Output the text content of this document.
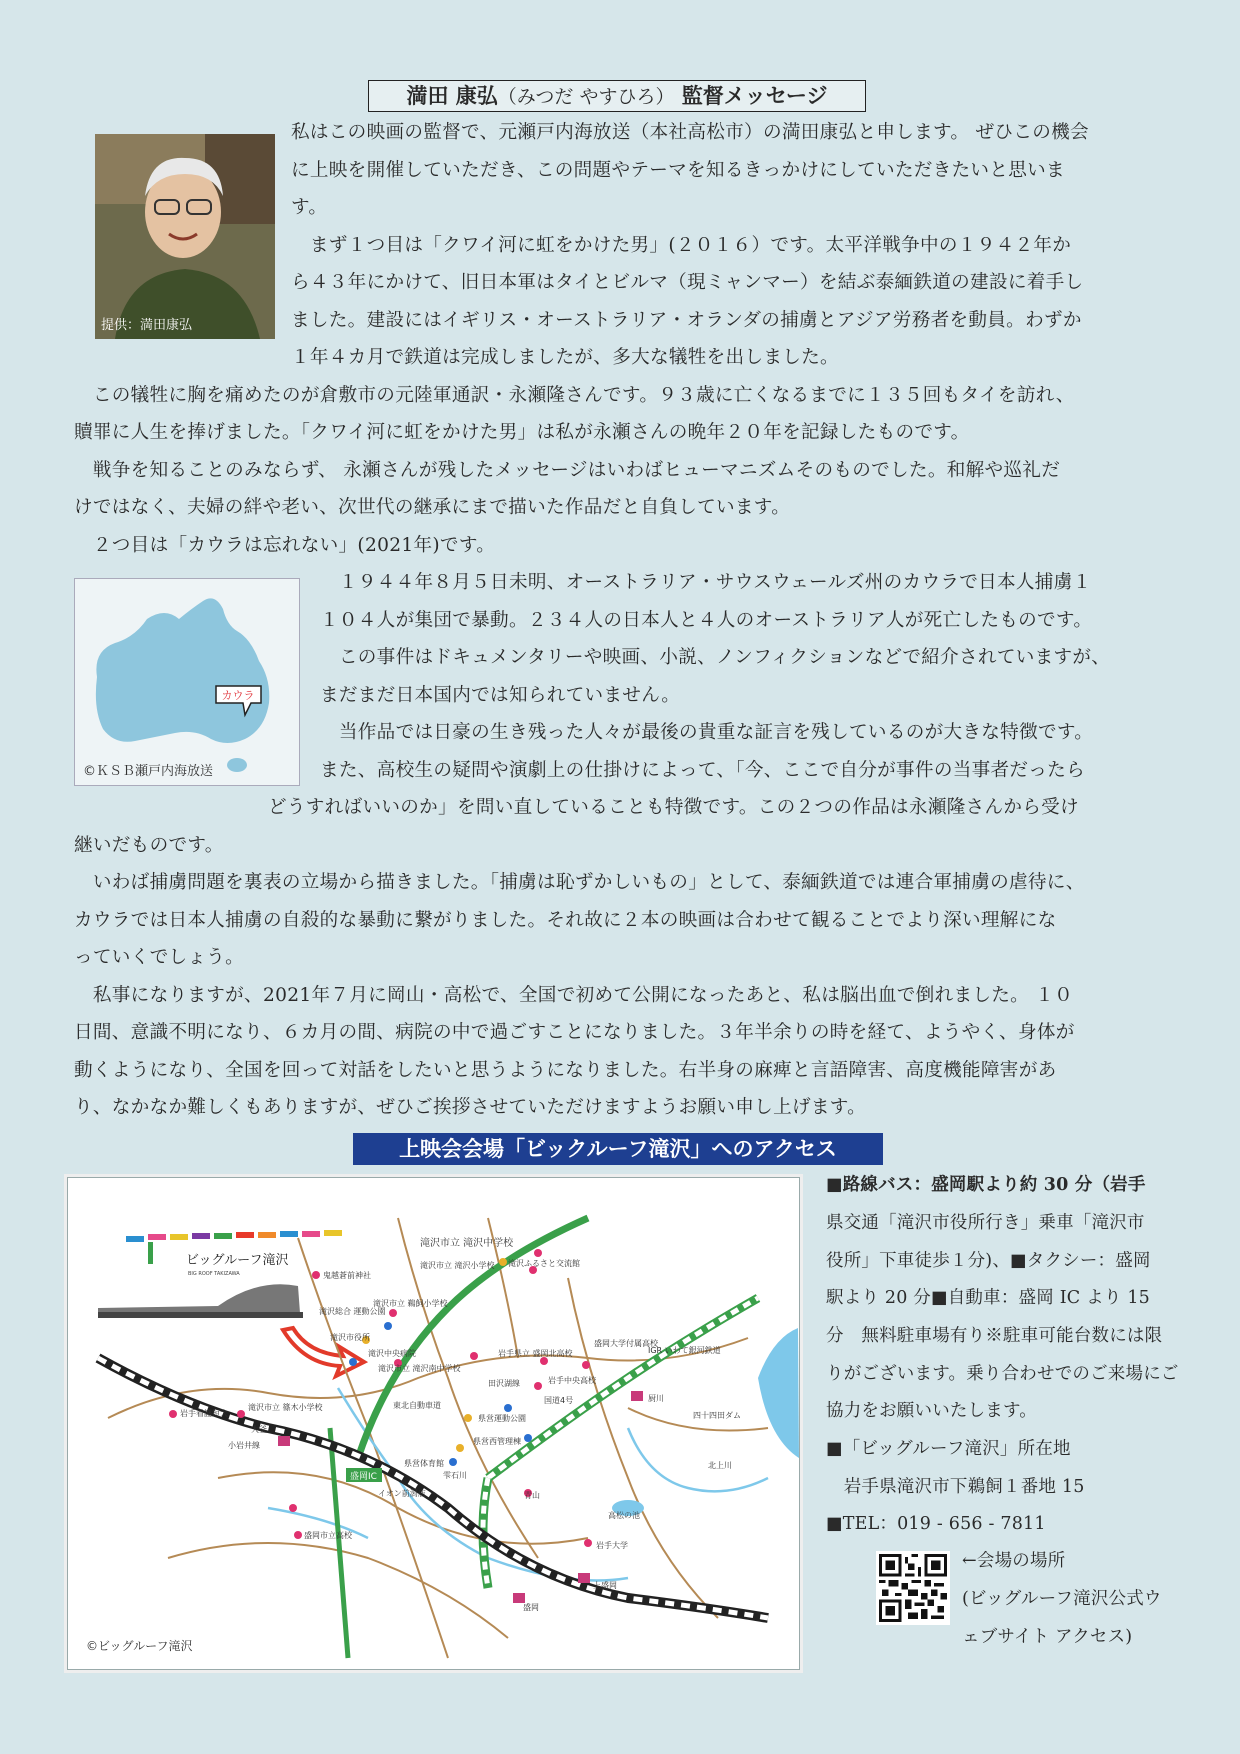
満田 康弘（みつだ やすひろ） 監督メッセージ
提供：満田康弘
私はこの映画の監督で、元瀬戸内海放送（本社高松市）の満田康弘と申します。 ぜひこの機会
に上映を開催していただき、この問題やテーマを知るきっかけにしていただきたいと思いま
す。
　まず１つ目は「クワイ河に虹をかけた男」(２０１６）です。太平洋戦争中の１９４２年か
ら４３年にかけて、旧日本軍はタイとビルマ（現ミャンマー）を結ぶ泰緬鉄道の建設に着手し
ました。建設にはイギリス・オーストラリア・オランダの捕虜とアジア労務者を動員。わずか
１年４カ月で鉄道は完成しましたが、多大な犠牲を出しました。
　この犠牲に胸を痛めたのが倉敷市の元陸軍通訳・永瀬隆さんです。９３歳に亡くなるまでに１３５回もタイを訪れ、
贖罪に人生を捧げました。「クワイ河に虹をかけた男」は私が永瀬さんの晩年２０年を記録したものです。
　戦争を知ることのみならず、 永瀬さんが残したメッセージはいわばヒューマニズムそのものでした。和解や巡礼だ
けではなく、夫婦の絆や老い、次世代の継承にまで描いた作品だと自負しています。
　２つ目は「カウラは忘れない」(2021年)です。
カウラ
©ＫＳＢ瀬戸内海放送
　１９４４年８月５日未明、オーストラリア・サウスウェールズ州のカウラで日本人捕虜１
１０４人が集団で暴動。２３４人の日本人と４人のオーストラリア人が死亡したものです。
　この事件はドキュメンタリーや映画、小説、ノンフィクションなどで紹介されていますが、
まだまだ日本国内では知られていません。
　当作品では日豪の生き残った人々が最後の貴重な証言を残しているのが大きな特徴です。
また、高校生の疑問や演劇上の仕掛けによって、「今、ここで自分が事件の当事者だったら
どうすればいいのか」を問い直していることも特徴です。この２つの作品は永瀬隆さんから受け
継いだものです。
　いわば捕虜問題を裏表の立場から描きました。「捕虜は恥ずかしいもの」として、泰緬鉄道では連合軍捕虜の虐待に、
カウラでは日本人捕虜の自殺的な暴動に繋がりました。それ故に２本の映画は合わせて観ることでより深い理解にな
っていくでしょう。
　私事になりますが、2021年７月に岡山・高松で、全国で初めて公開になったあと、私は脳出血で倒れました。 １０
日間、意識不明になり、６カ月の間、病院の中で過ごすことになりました。３年半余りの時を経て、ようやく、身体が
動くようになり、全国を回って対話をしたいと思うようになりました。右半身の麻痺と言語障害、高度機能障害があ
り、なかなか難しくもありますが、ぜひご挨拶させていただけますようお願い申し上げます。
上映会会場「ビックルーフ滝沢」へのアクセス
ビッグルーフ滝沢
BIG ROOF TAKIZAWA
盛岡IC
滝沢市立 滝沢中学校
滝沢市立 滝沢小学校
鬼越蒼前神社
滝沢ふるさと交流館
滝沢市立 鵜飼小学校
滝沢総合 運動公園
滝沢市役所
滝沢中央病院
滝沢市立 滝沢南中学校
岩手県立 盛岡北高校
盛岡大学付属高校
岩手中央高校
滝沢市立 篠木小学校
岩手看護短大
県営運動公園
県営西管理棟
県営体育館
厨川
四十四田ダム
大釜
イオン前潟店
盛岡市立高校
青山
高松の池
岩手大学
上盛岡
盛岡
小岩井線
田沢湖線
雫石川
北上川
IGR いわて銀河鉄道
東北自動車道
国道4号
©ビッグルーフ滝沢
■路線バス：盛岡駅より約 30 分（岩手
県交通「滝沢市役所行き」乗車「滝沢市
役所」下車徒歩１分)、■タクシー：盛岡
駅より 20 分■自動車：盛岡 IC より 15
分　無料駐車場有り※駐車可能台数には限
りがございます。乗り合わせでのご来場にご
協力をお願いいたします。
■「ビッグルーフ滝沢」所在地
　岩手県滝沢市下鵜飼１番地 15
■TEL：019 - 656 - 7811
←会場の場所
(ビッグルーフ滝沢公式ウ
ェブサイト アクセス)
